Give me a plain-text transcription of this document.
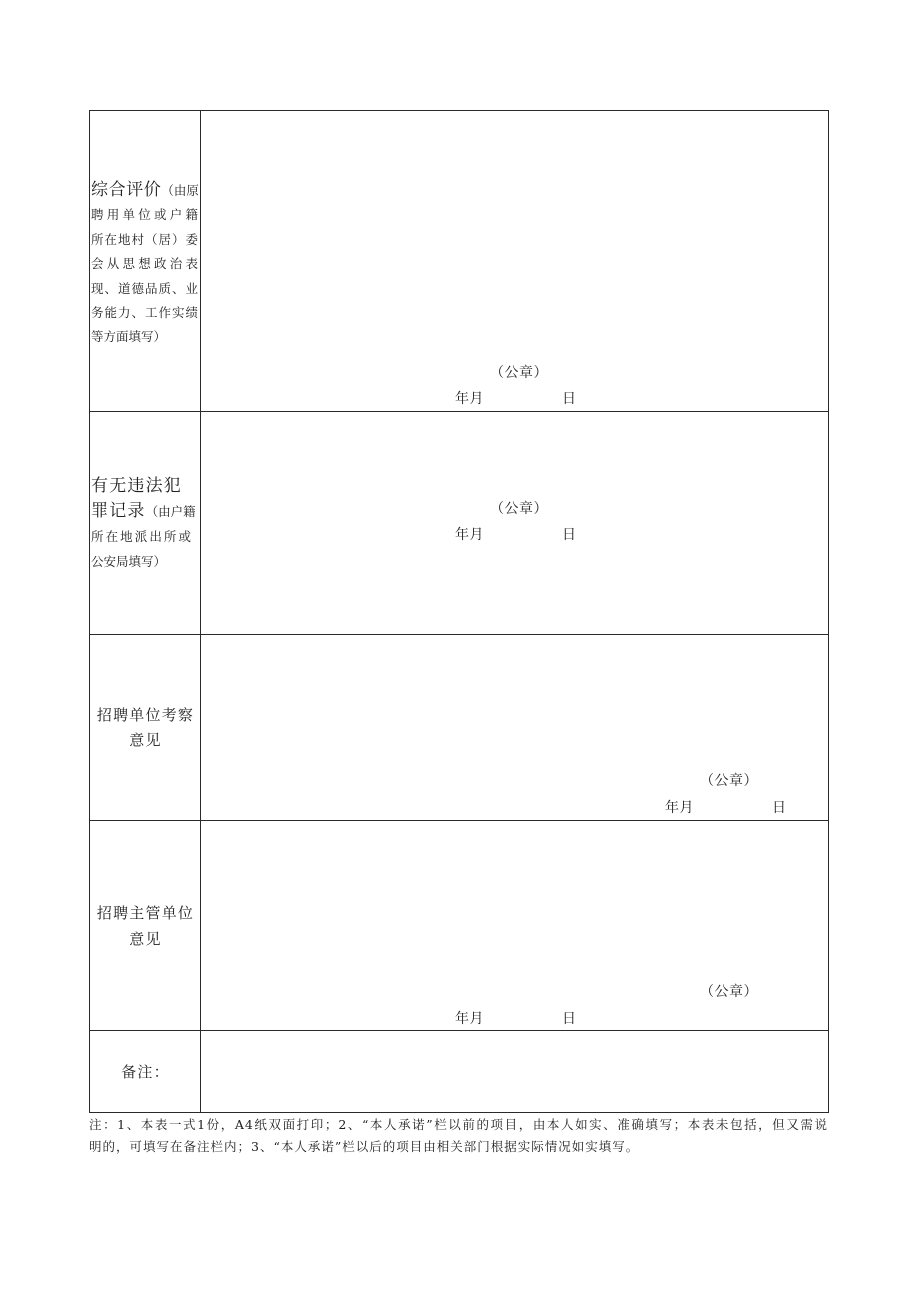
综合评价（由原
聘用单位或户籍
所在地村（居）委
会从思想政治表
现、道德品质、业
务能力、工作实绩
等方面填写）
（公章）
年月	日
有无违法犯
罪记录（由户籍
所在地派出所或
公安局填写）
（公章）
年月	日
招聘单位考察
意见
（公章）
年月	日
招聘主管单位
意见
（公章）
年月	日
备注：
注：1、本表一式1份，A4纸双面打印；2、“本人承诺”栏以前的项目，由本人如实、准确填写；本表未包括，但又需说
明的，可填写在备注栏内；3、“本人承诺”栏以后的项目由相关部门根据实际情况如实填写。
